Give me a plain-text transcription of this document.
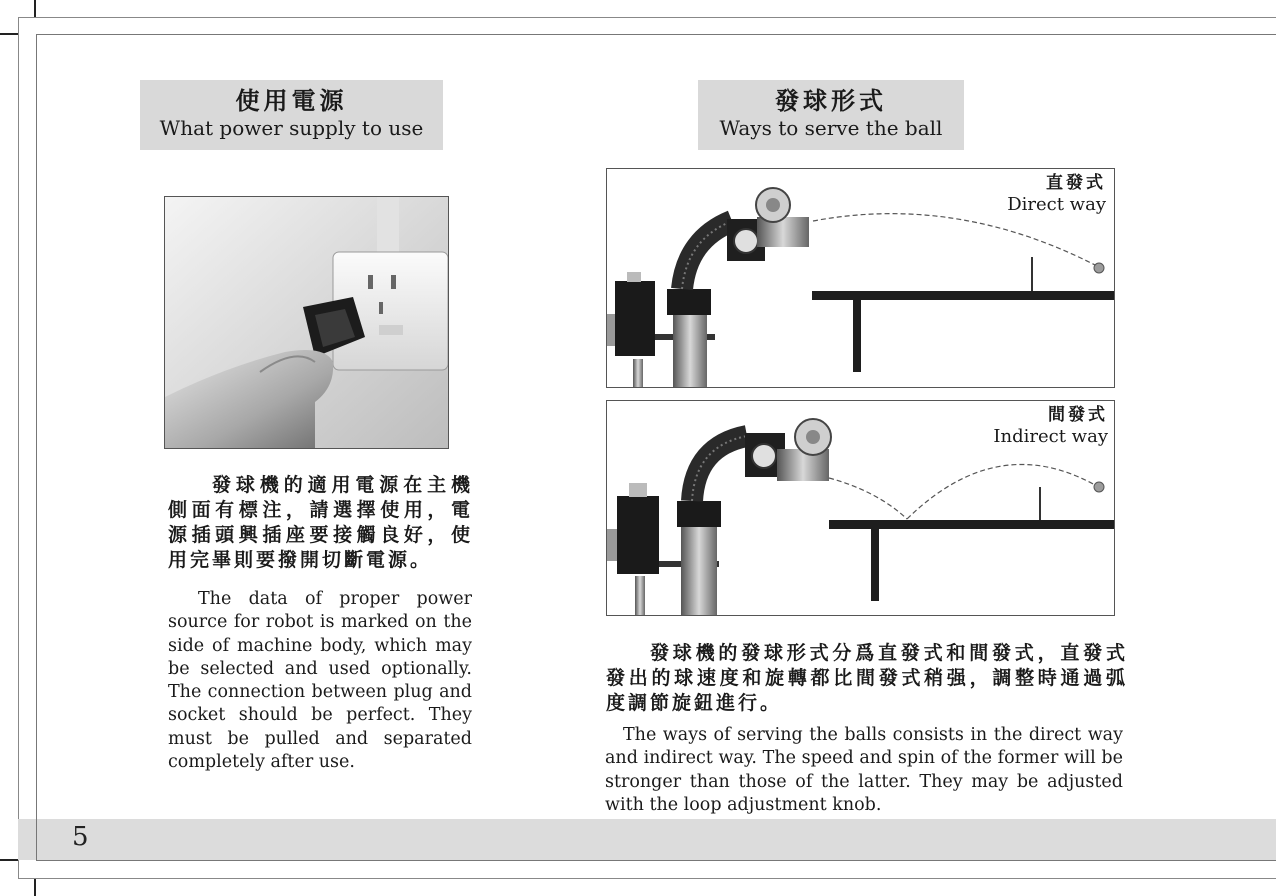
5
使用電源
What power supply to use
發球機的適用電源在主機側面有標注，請選擇使用，電源插頭興插座要接觸良好，使用完畢則要撥開切斷電源。
The data of proper power source for robot is marked on the side of machine body, which may be selected and used optionally. The connection between plug and socket should be perfect. They must be pulled and separated completely after use.
發球形式
Ways to serve the ball
直發式
Direct way
間發式
Indirect way
發球機的發球形式分爲直發式和間發式，直發式發出的球速度和旋轉都比間發式稍强，調整時通過弧度調節旋鈕進行。
The ways of serving the balls consists in the direct way and indirect way. The speed and spin of the former will be stronger than those of the latter. They may be adjusted with the loop adjustment knob.
